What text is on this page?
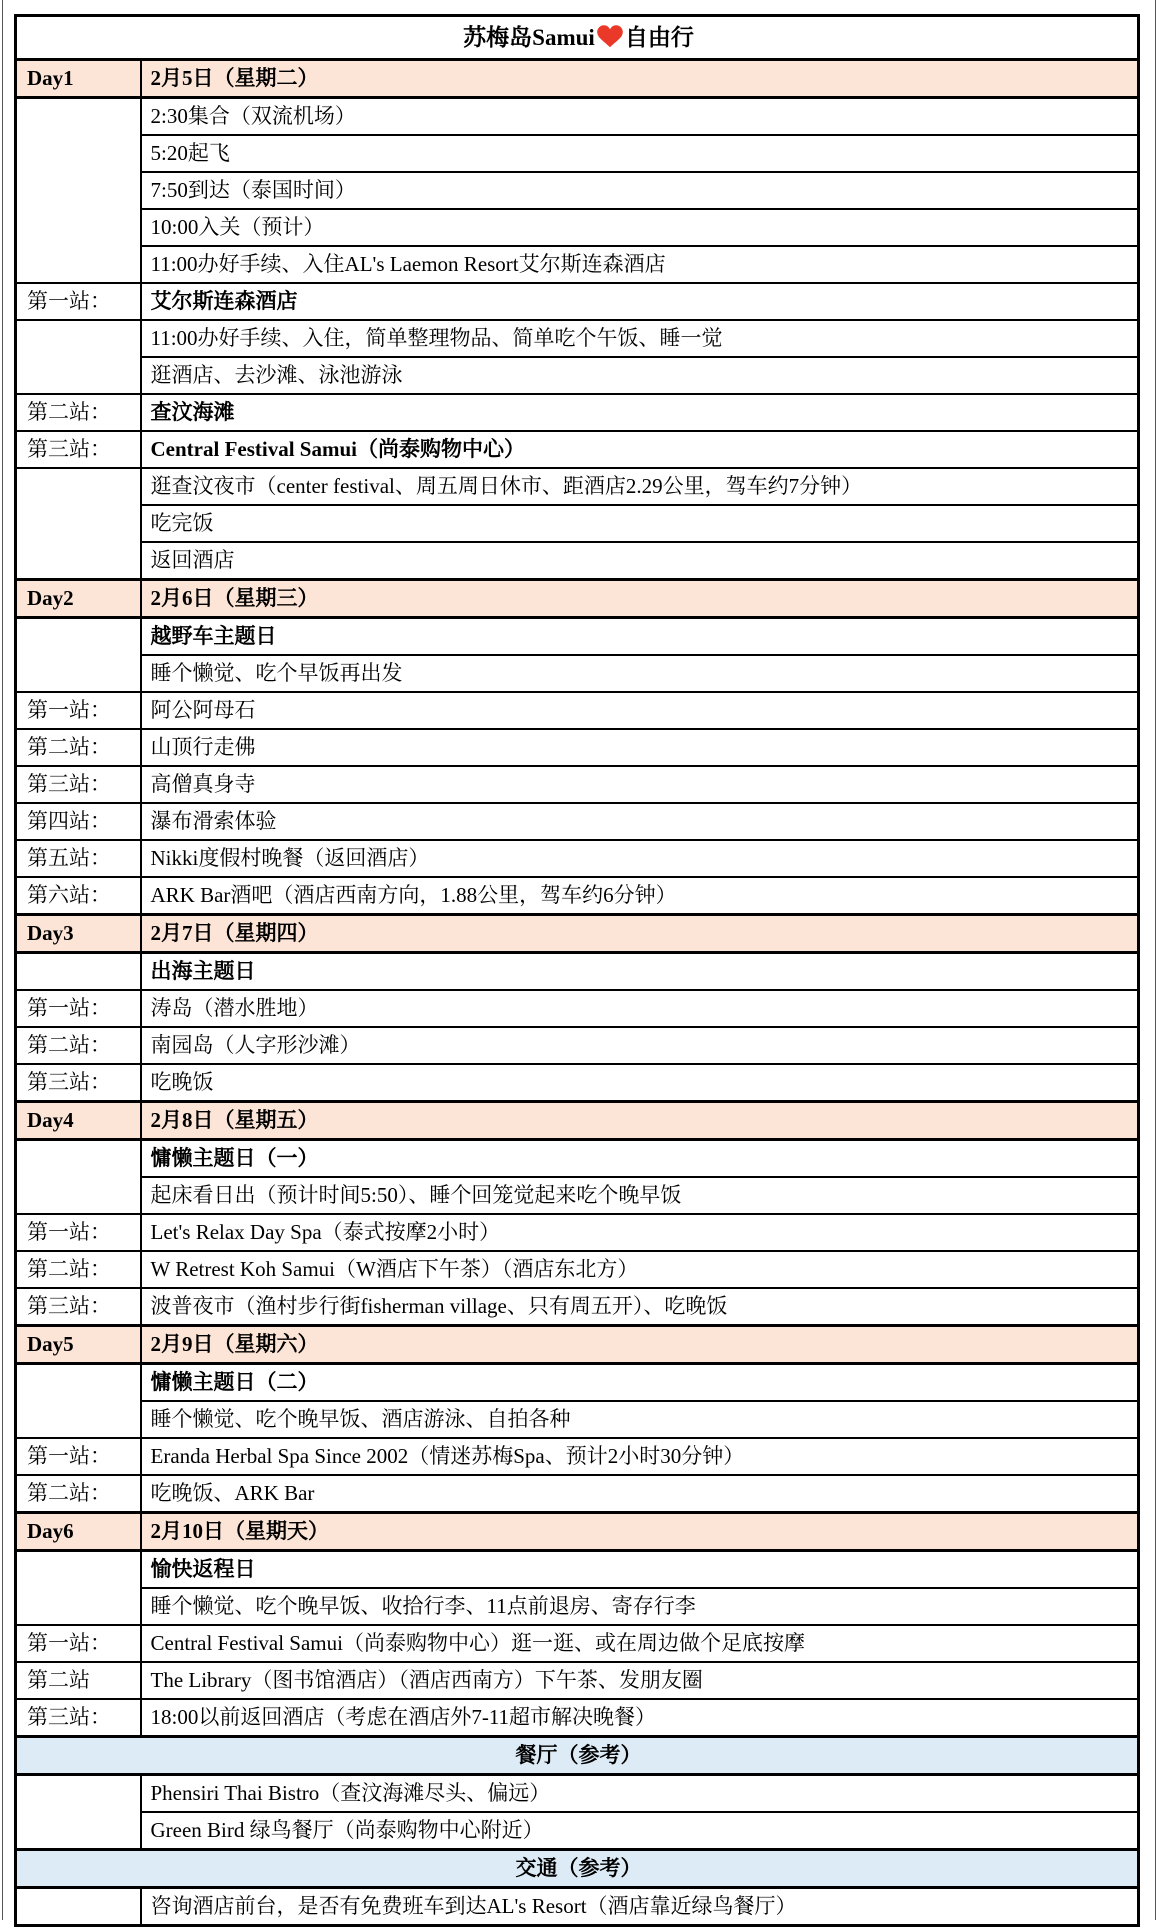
苏梅岛Samui 自由行	
Day1	2月5日（星期二）
	2:30集合（双流机场）
	5:20起飞
	7:50到达（泰国时间）
	10:00入关（预计）
	11:00办好手续、入住AL's Laemon Resort艾尔斯连森酒店
第一站：	艾尔斯连森酒店
	11:00办好手续、入住，简单整理物品、简单吃个午饭、睡一觉
	逛酒店、去沙滩、泳池游泳
第二站：	查汶海滩
第三站：	Central Festival Samui（尚泰购物中心）
	逛查汶夜市（center festival、周五周日休市、距酒店2.29公里，驾车约7分钟）
	吃完饭
	返回酒店
Day2	2月6日（星期三）
	越野车主题日
	睡个懒觉、吃个早饭再出发
第一站：	阿公阿母石
第二站：	山顶行走佛
第三站：	高僧真身寺
第四站：	瀑布滑索体验
第五站：	Nikki度假村晚餐（返回酒店）
第六站：	ARK Bar酒吧（酒店西南方向，1.88公里，驾车约6分钟）
Day3	2月7日（星期四）
	出海主题日
第一站：	涛岛（潜水胜地）
第二站：	南园岛（人字形沙滩）
第三站：	吃晚饭
Day4	2月8日（星期五）
	慵懒主题日（一）
	起床看日出（预计时间5:50）、睡个回笼觉起来吃个晚早饭
第一站：	Let's Relax Day Spa（泰式按摩2小时）
第二站：	W Retrest Koh Samui（W酒店下午茶）（酒店东北方）
第三站：	波普夜市（渔村步行街fisherman village、只有周五开）、吃晚饭
Day5	2月9日（星期六）
	慵懒主题日（二）
	睡个懒觉、吃个晚早饭、酒店游泳、自拍各种
第一站：	Eranda Herbal Spa Since 2002（情迷苏梅Spa、预计2小时30分钟）
第二站：	吃晚饭、ARK Bar
Day6	2月10日（星期天）
	愉快返程日
	睡个懒觉、吃个晚早饭、收拾行李、11点前退房、寄存行李
第一站：	Central Festival Samui（尚泰购物中心）逛一逛、或在周边做个足底按摩
第二站	The Library（图书馆酒店）（酒店西南方）下午茶、发朋友圈
第三站：	18:00以前返回酒店（考虑在酒店外7-11超市解决晚餐）
餐厅（参考）	
	Phensiri Thai Bistro（查汶海滩尽头、偏远）
	Green Bird 绿鸟餐厅（尚泰购物中心附近）
交通（参考）	
	咨询酒店前台，是否有免费班车到达AL's Resort（酒店靠近绿鸟餐厅）
